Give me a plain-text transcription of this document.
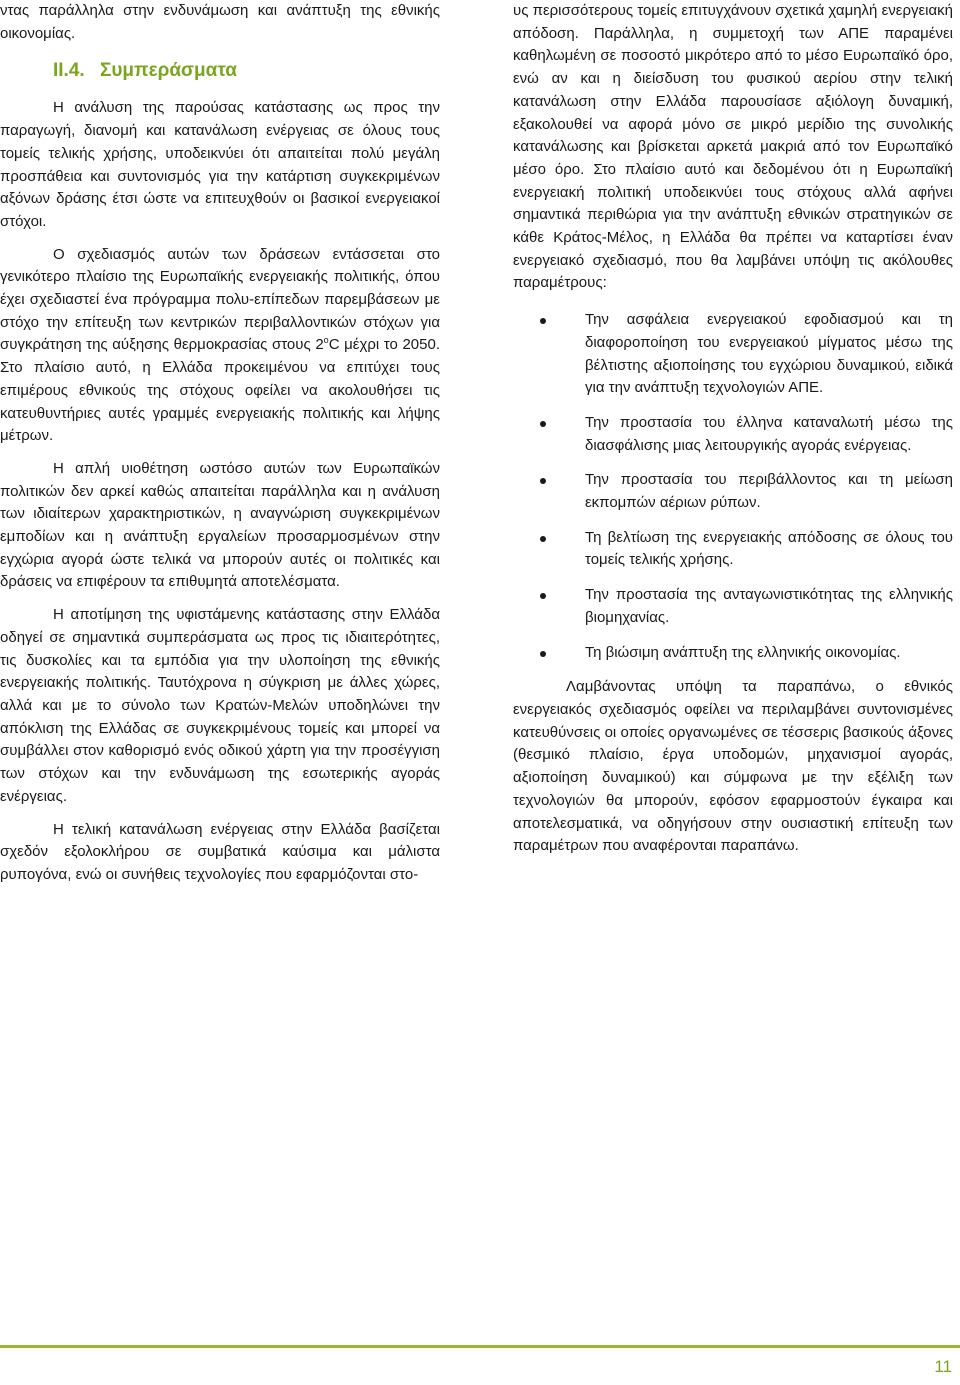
ντας παράλληλα στην ενδυνάμωση και ανάπτυξη της εθνικής οικονομίας.

ΙΙ.4. Συμπεράσματα

Η ανάλυση της παρούσας κατάστασης ως προς την παραγωγή, διανομή και κατανάλωση ενέργειας σε όλους τους τομείς τελικής χρήσης, υποδεικνύει ότι απαιτείται πολύ μεγάλη προσπάθεια και συντονισμός για την κατάρτιση συγκεκριμένων αξόνων δράσης έτσι ώστε να επιτευχθούν οι βασικοί ενεργειακοί στόχοι.

Ο σχεδιασμός αυτών των δράσεων εντάσσεται στο γενικότερο πλαίσιο της Ευρωπαϊκής ενεργειακής πολιτικής, όπου έχει σχεδιαστεί ένα πρόγραμμα πολυ-επίπεδων παρεμβάσεων με στόχο την επίτευξη των κεντρικών περιβαλλοντικών στόχων για συγκράτηση της αύξησης θερμοκρασίας στους 2$^o$C μέχρι το 2050. Στο πλαίσιο αυτό, η Ελλάδα προκειμένου να επιτύχει τους επιμέρους εθνικούς της στόχους οφείλει να ακολουθήσει τις κατευθυντήριες αυτές γραμμές ενεργειακής πολιτικής και λήψης μέτρων.

Η απλή υιοθέτηση ωστόσο αυτών των Ευρωπαϊκών πολιτικών δεν αρκεί καθώς απαιτείται παράλληλα και η ανάλυση των ιδιαίτερων χαρακτηριστικών, η αναγνώριση συγκεκριμένων εμποδίων και η ανάπτυξη εργαλείων προσαρμοσμένων στην εγχώρια αγορά ώστε τελικά να μπορούν αυτές οι πολιτικές και δράσεις να επιφέρουν τα επιθυμητά αποτελέσματα.

Η αποτίμηση της υφιστάμενης κατάστασης στην Ελλάδα οδηγεί σε σημαντικά συμπεράσματα ως προς τις ιδιαιτερότητες, τις δυσκολίες και τα εμπόδια για την υλοποίηση της εθνικής ενεργειακής πολιτικής. Ταυτόχρονα η σύγκριση με άλλες χώρες, αλλά και με το σύνολο των Κρατών-Μελών υποδηλώνει την απόκλιση της Ελλάδας σε συγκεκριμένους τομείς και μπορεί να συμβάλλει στον καθορισμό ενός οδικού χάρτη για την προσέγγιση των στόχων και την ενδυνάμωση της εσωτερικής αγοράς ενέργειας.

Η τελική κατανάλωση ενέργειας στην Ελλάδα βασίζεται σχεδόν εξολοκλήρου σε συμβατικά καύσιμα και μάλιστα ρυπογόνα, ενώ οι συνήθεις τεχνολογίες που εφαρμόζονται στο-

υς περισσότερους τομείς επιτυγχάνουν σχετικά χαμηλή ενεργειακή απόδοση. Παράλληλα, η συμμετοχή των ΑΠΕ παραμένει καθηλωμένη σε ποσοστό μικρότερο από το μέσο Ευρωπαϊκό όρο, ενώ αν και η διείσδυση του φυσικού αερίου στην τελική κατανάλωση στην Ελλάδα παρουσίασε αξιόλογη δυναμική, εξακολουθεί να αφορά μόνο σε μικρό μερίδιο της συνολικής κατανάλωσης και βρίσκεται αρκετά μακριά από τον Ευρωπαϊκό μέσο όρο. Στο πλαίσιο αυτό και δεδομένου ότι η Ευρωπαϊκή ενεργειακή πολιτική υποδεικνύει τους στόχους αλλά αφήνει σημαντικά περιθώρια για την ανάπτυξη εθνικών στρατηγικών σε κάθε Κράτος-Μέλος, η Ελλάδα θα πρέπει να καταρτίσει έναν ενεργειακό σχεδιασμό, που θα λαμβάνει υπόψη τις ακόλουθες παραμέτρους:

Την ασφάλεια ενεργειακού εφοδιασμού και τη διαφοροποίηση του ενεργειακού μίγματος μέσω της βέλτιστης αξιοποίησης του εγχώριου δυναμικού, ειδικά για την ανάπτυξη τεχνολογιών ΑΠΕ.
Την προστασία του έλληνα καταναλωτή μέσω της διασφάλισης μιας λειτουργικής αγοράς ενέργειας.
Την προστασία του περιβάλλοντος και τη μείωση εκπομπών αέριων ρύπων.
Τη βελτίωση της ενεργειακής απόδοσης σε όλους του τομείς τελικής χρήσης.
Την προστασία της ανταγωνιστικότητας της ελληνικής βιομηχανίας.
Τη βιώσιμη ανάπτυξη της ελληνικής οικονομίας.

Λαμβάνοντας υπόψη τα παραπάνω, ο εθνικός ενεργειακός σχεδιασμός οφείλει να περιλαμβάνει συντονισμένες κατευθύνσεις οι οποίες οργανωμένες σε τέσσερις βασικούς άξονες (θεσμικό πλαίσιο, έργα υποδομών, μηχανισμοί αγοράς, αξιοποίηση δυναμικού) και σύμφωνα με την εξέλιξη των τεχνολογιών θα μπορούν, εφόσον εφαρμοστούν έγκαιρα και αποτελεσματικά, να οδηγήσουν στην ουσιαστική επίτευξη των παραμέτρων που αναφέρονται παραπάνω.

11
